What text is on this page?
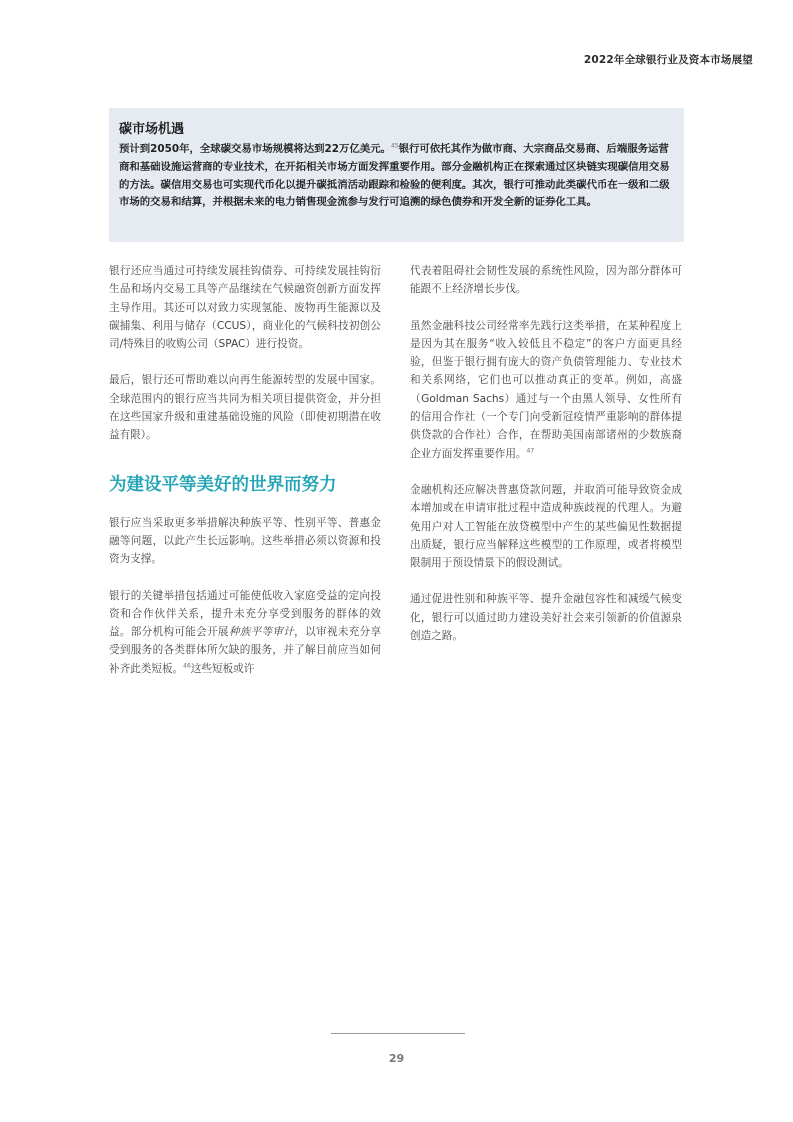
2022年全球银行业及资本市场展望
碳市场机遇

预计到2050年，全球碳交易市场规模将达到22万亿美元。$^{45}$银行可依托其作为做市商、大宗商品交易商、后端服务运营商和基础设施运营商的专业技术，在开拓相关市场方面发挥重要作用。部分金融机构正在探索通过区块链实现碳信用交易的方法。碳信用交易也可实现代币化以提升碳抵消活动跟踪和检验的便利度。其次，银行可推动此类碳代币在一级和二级市场的交易和结算，并根据未来的电力销售现金流参与发行可追溯的绿色债券和开发全新的证券化工具。

银行还应当通过可持续发展挂钩债券、可持续发展挂钩衍生品和场内交易工具等产品继续在气候融资创新方面发挥主导作用。其还可以对致力实现氢能、废物再生能源以及碳捕集、利用与储存（CCUS），商业化的气候科技初创公司/特殊目的收购公司（SPAC）进行投资。

最后，银行还可帮助难以向再生能源转型的发展中国家。全球范围内的银行应当共同为相关项目提供资金，并分担在这些国家升级和重建基础设施的风险（即使初期潜在收益有限）。

为建设平等美好的世界而努力

银行应当采取更多举措解决种族平等、性别平等、普惠金融等问题，以此产生长远影响。这些举措必须以资源和投资为支撑。

银行的关键举措包括通过可能使低收入家庭受益的定向投资和合作伙伴关系，提升未充分享受到服务的群体的效益。部分机构可能会开展种族平等审计，以审视未充分享受到服务的各类群体所欠缺的服务，并了解目前应当如何补齐此类短板。$^{46}$这些短板或许

代表着阻碍社会韧性发展的系统性风险，因为部分群体可能跟不上经济增长步伐。

虽然金融科技公司经常率先践行这类举措，在某种程度上是因为其在服务“收入较低且不稳定”的客户方面更具经验，但鉴于银行拥有庞大的资产负债管理能力、专业技术和关系网络，它们也可以推动真正的变革。例如，高盛（Goldman Sachs）通过与一个由黑人领导、女性所有的信用合作社（一个专门向受新冠疫情严重影响的群体提供贷款的合作社）合作，在帮助美国南部诸州的少数族裔企业方面发挥重要作用。$^{47}$

金融机构还应解决普惠贷款问题，并取消可能导致资金成本增加或在申请审批过程中造成种族歧视的代理人。为避免用户对人工智能在放贷模型中产生的某些偏见性数据提出质疑，银行应当解释这些模型的工作原理，或者将模型限制用于预设情景下的假设测试。

通过促进性别和种族平等、提升金融包容性和减缓气候变化，银行可以通过助力建设美好社会来引领新的价值源泉创造之路。

29
